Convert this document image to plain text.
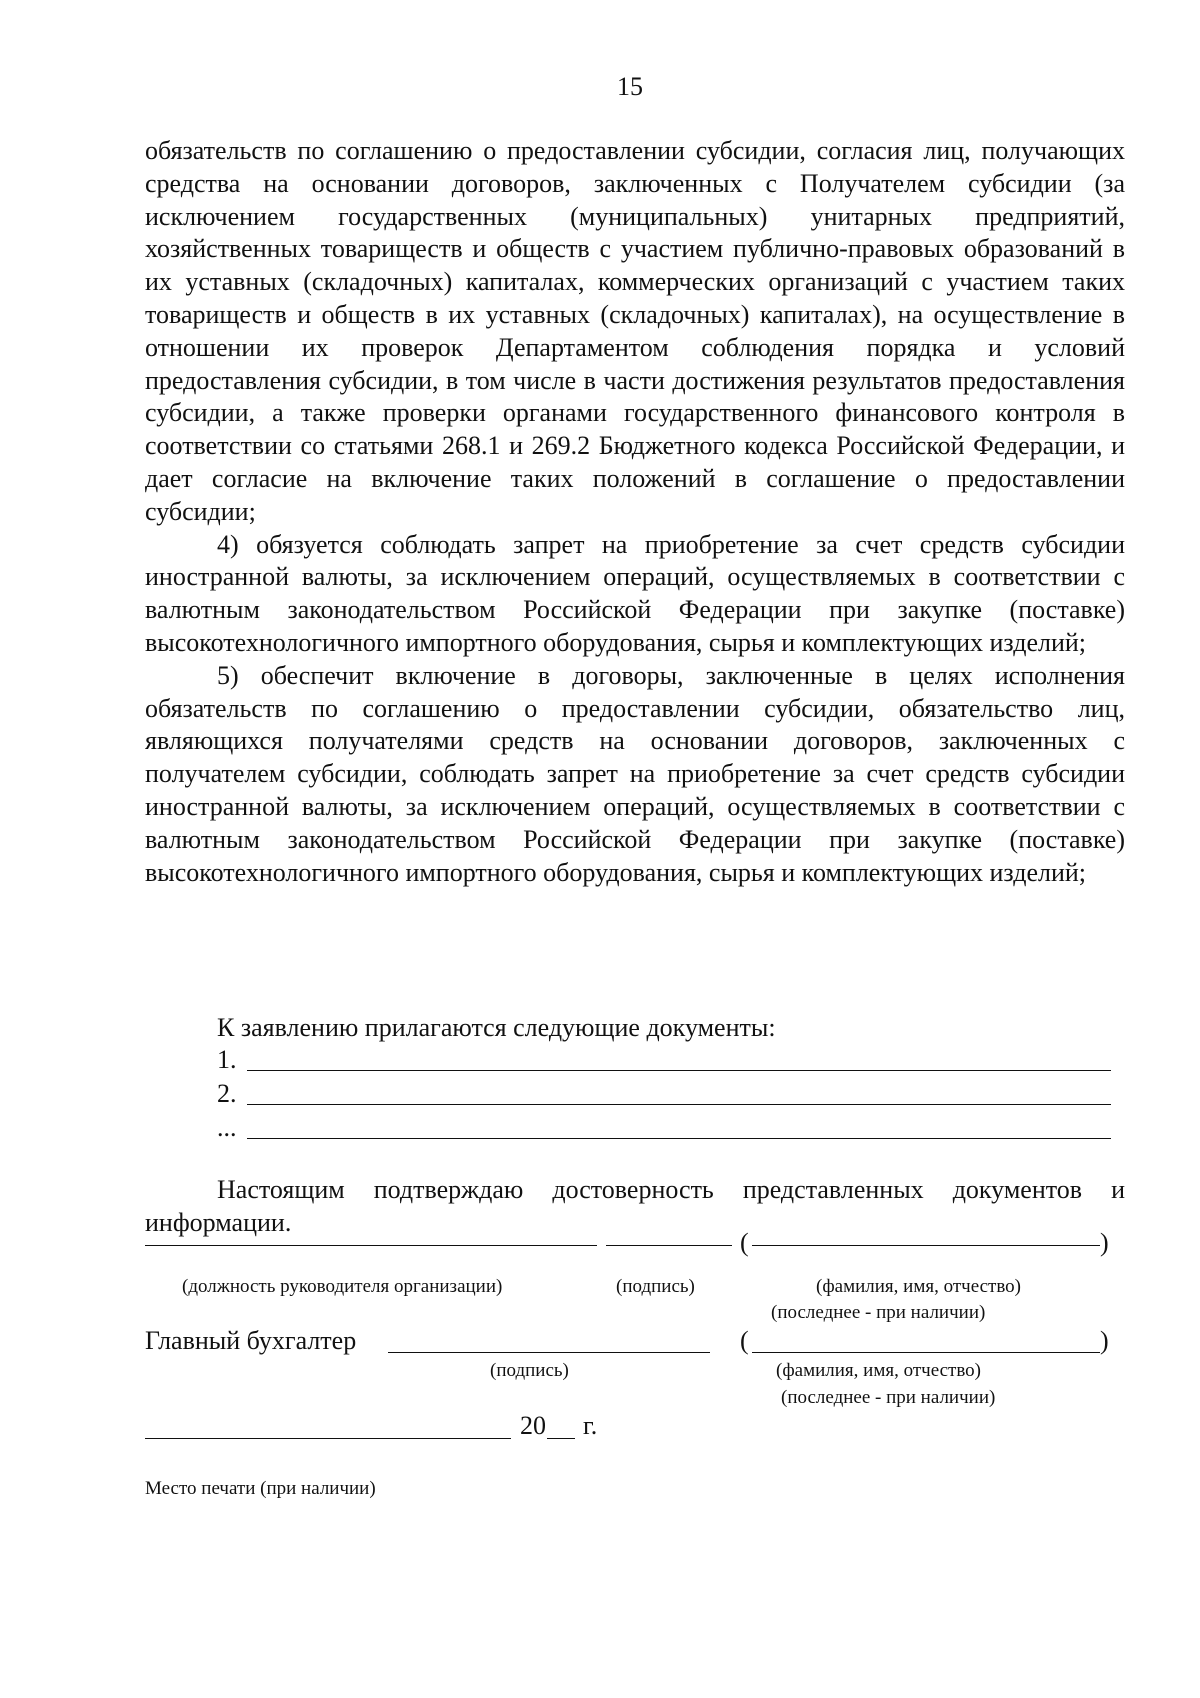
15

обязательств по соглашению о предоставлении субсидии, согласия лиц, получающих средства на основании договоров, заключенных с Получателем субсидии (за исключением государственных (муниципальных) унитарных предприятий, хозяйственных товариществ и обществ с участием публично-правовых образований в их уставных (складочных) капиталах, коммерческих организаций с участием таких товариществ и обществ в их уставных (складочных) капиталах), на осуществление в отношении их проверок Департаментом соблюдения порядка и условий предоставления субсидии, в том числе в части достижения результатов предоставления субсидии, а также проверки органами государственного финансового контроля в соответствии со статьями 268.1 и 269.2 Бюджетного кодекса Российской Федерации, и дает согласие на включение таких положений в соглашение о предоставлении субсидии;

4) обязуется соблюдать запрет на приобретение за счет средств субсидии иностранной валюты, за исключением операций, осуществляемых в соответствии с валютным законодательством Российской Федерации при закупке (поставке) высокотехнологичного импортного оборудования, сырья и комплектующих изделий;

5) обеспечит включение в договоры, заключенные в целях исполнения обязательств по соглашению о предоставлении субсидии, обязательство лиц, являющихся получателями средств на основании договоров, заключенных с получателем субсидии, соблюдать запрет на приобретение за счет средств субсидии иностранной валюты, за исключением операций, осуществляемых в соответствии с валютным законодательством Российской Федерации при закупке (поставке) высокотехнологичного импортного оборудования, сырья и комплектующих изделий;

К заявлению прилагаются следующие документы:
1.
2.
...
Настоящим подтверждаю достоверность представленных документов и информации.
(	)
(должность руководителя организации)	(подпись)	(фамилия, имя, отчество)
(последнее - при наличии)
Главный бухгалтер	(	)
(подпись)	(фамилия, имя, отчество)
(последнее - при наличии)
20 г.
Место печати (при наличии)
